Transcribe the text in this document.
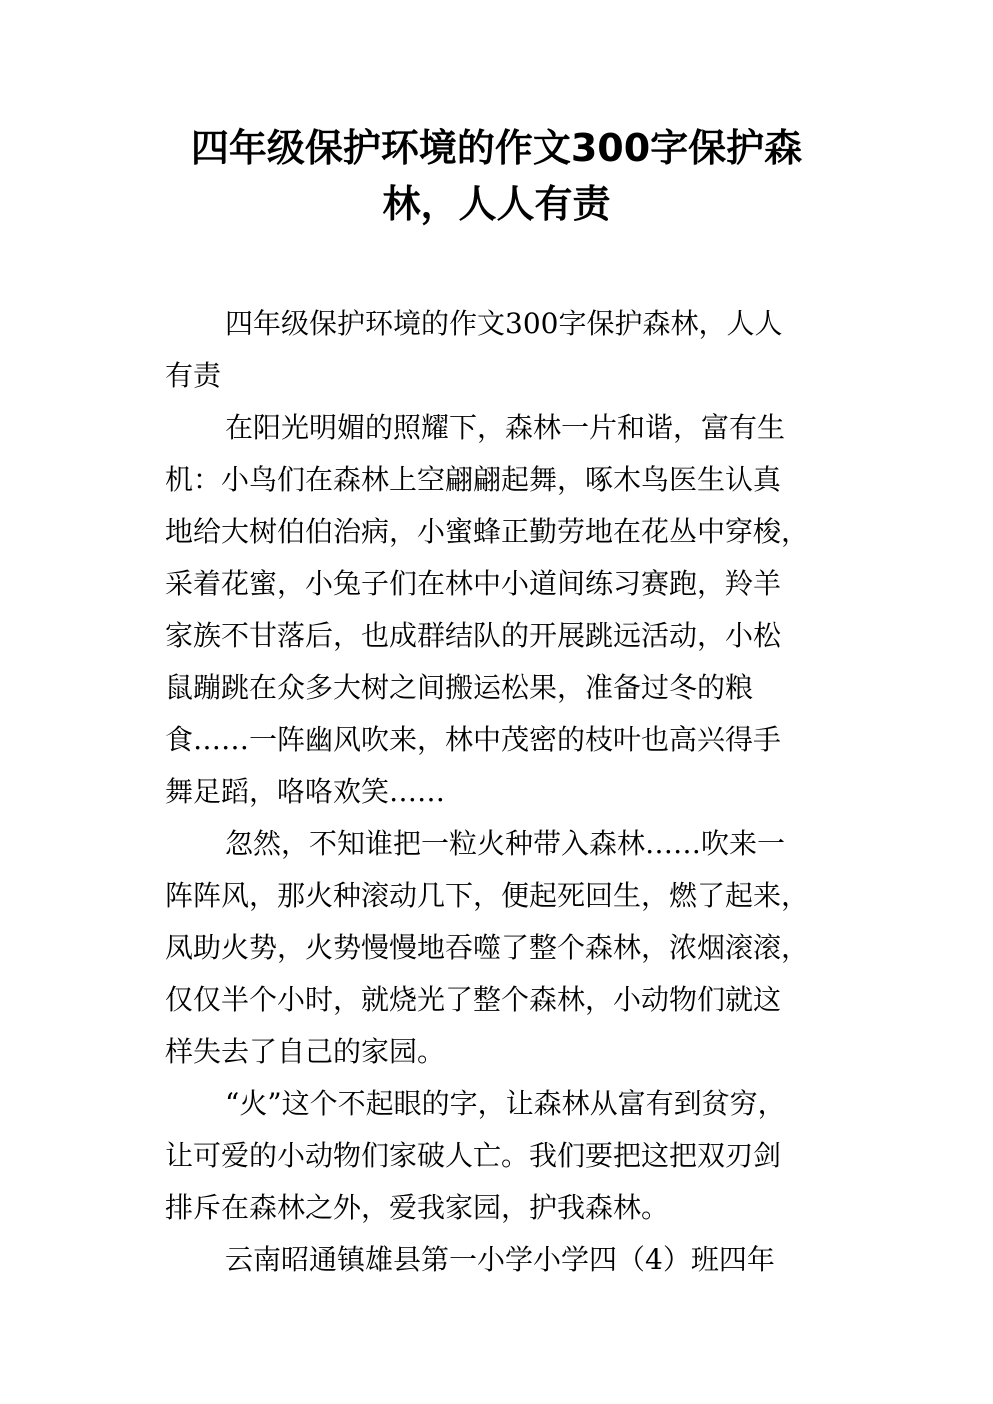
四年级保护环境的作文300字保护森
林，人人有责

四年级保护环境的作文300字保护森林，人人
有责

在阳光明媚的照耀下，森林一片和谐，富有生
机：小鸟们在森林上空翩翩起舞，啄木鸟医生认真
地给大树伯伯治病，小蜜蜂正勤劳地在花丛中穿梭，
采着花蜜，小兔子们在林中小道间练习赛跑，羚羊
家族不甘落后，也成群结队的开展跳远活动，小松
鼠蹦跳在众多大树之间搬运松果，准备过冬的粮
食……一阵幽风吹来，林中茂密的枝叶也高兴得手
舞足蹈，咯咯欢笑……

忽然，不知谁把一粒火种带入森林……吹来一
阵阵风，那火种滚动几下，便起死回生，燃了起来，
凤助火势，火势慢慢地吞噬了整个森林，浓烟滚滚，
仅仅半个小时，就烧光了整个森林，小动物们就这
样失去了自己的家园。

“火”这个不起眼的字，让森林从富有到贫穷，
让可爱的小动物们家破人亡。我们要把这把双刃剑
排斥在森林之外，爱我家园，护我森林。

云南昭通镇雄县第一小学小学四（4）班四年
